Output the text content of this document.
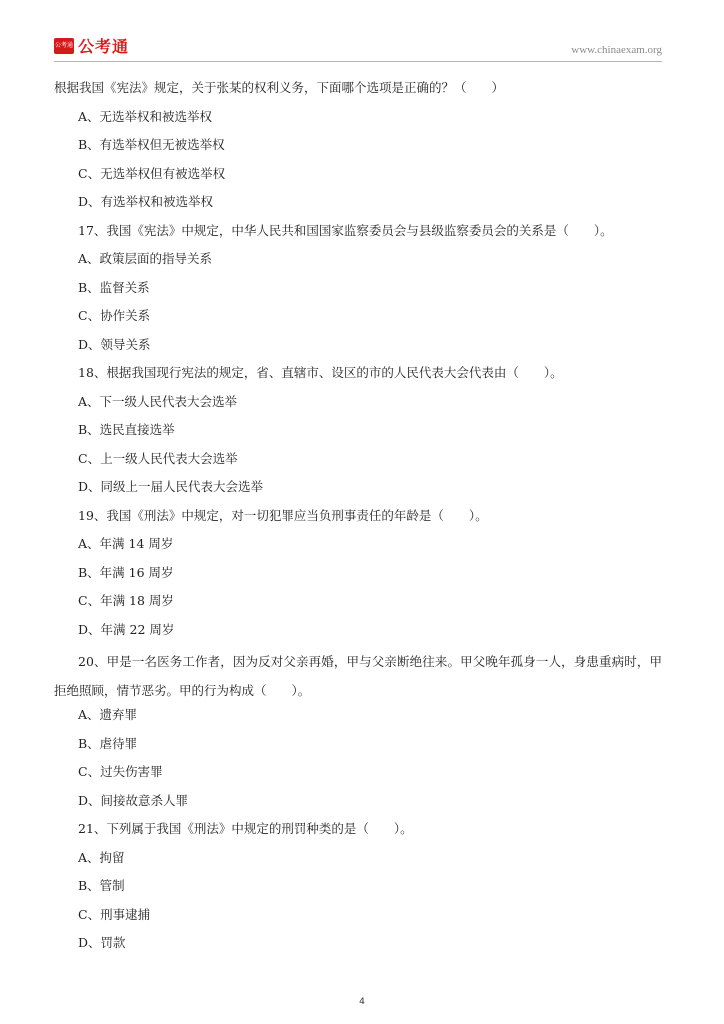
公考通 公考通	www.chinaexam.org
根据我国《宪法》规定，关于张某的权利义务，下面哪个选项是正确的？（　　）
A、无选举权和被选举权
B、有选举权但无被选举权
C、无选举权但有被选举权
D、有选举权和被选举权
17、我国《宪法》中规定，中华人民共和国国家监察委员会与县级监察委员会的关系是（　　）。
A、政策层面的指导关系
B、监督关系
C、协作关系
D、领导关系
18、根据我国现行宪法的规定，省、直辖市、设区的市的人民代表大会代表由（　　）。
A、下一级人民代表大会选举
B、选民直接选举
C、上一级人民代表大会选举
D、同级上一届人民代表大会选举
19、我国《刑法》中规定，对一切犯罪应当负刑事责任的年龄是（　　）。
A、年满 14 周岁
B、年满 16 周岁
C、年满 18 周岁
D、年满 22 周岁
20、甲是一名医务工作者，因为反对父亲再婚，甲与父亲断绝往来。甲父晚年孤身一人，身患重病时，甲拒绝照顾，情节恶劣。甲的行为构成（　　）。
A、遗弃罪
B、虐待罪
C、过失伤害罪
D、间接故意杀人罪
21、下列属于我国《刑法》中规定的刑罚种类的是（　　）。
A、拘留
B、管制
C、刑事逮捕
D、罚款
4
